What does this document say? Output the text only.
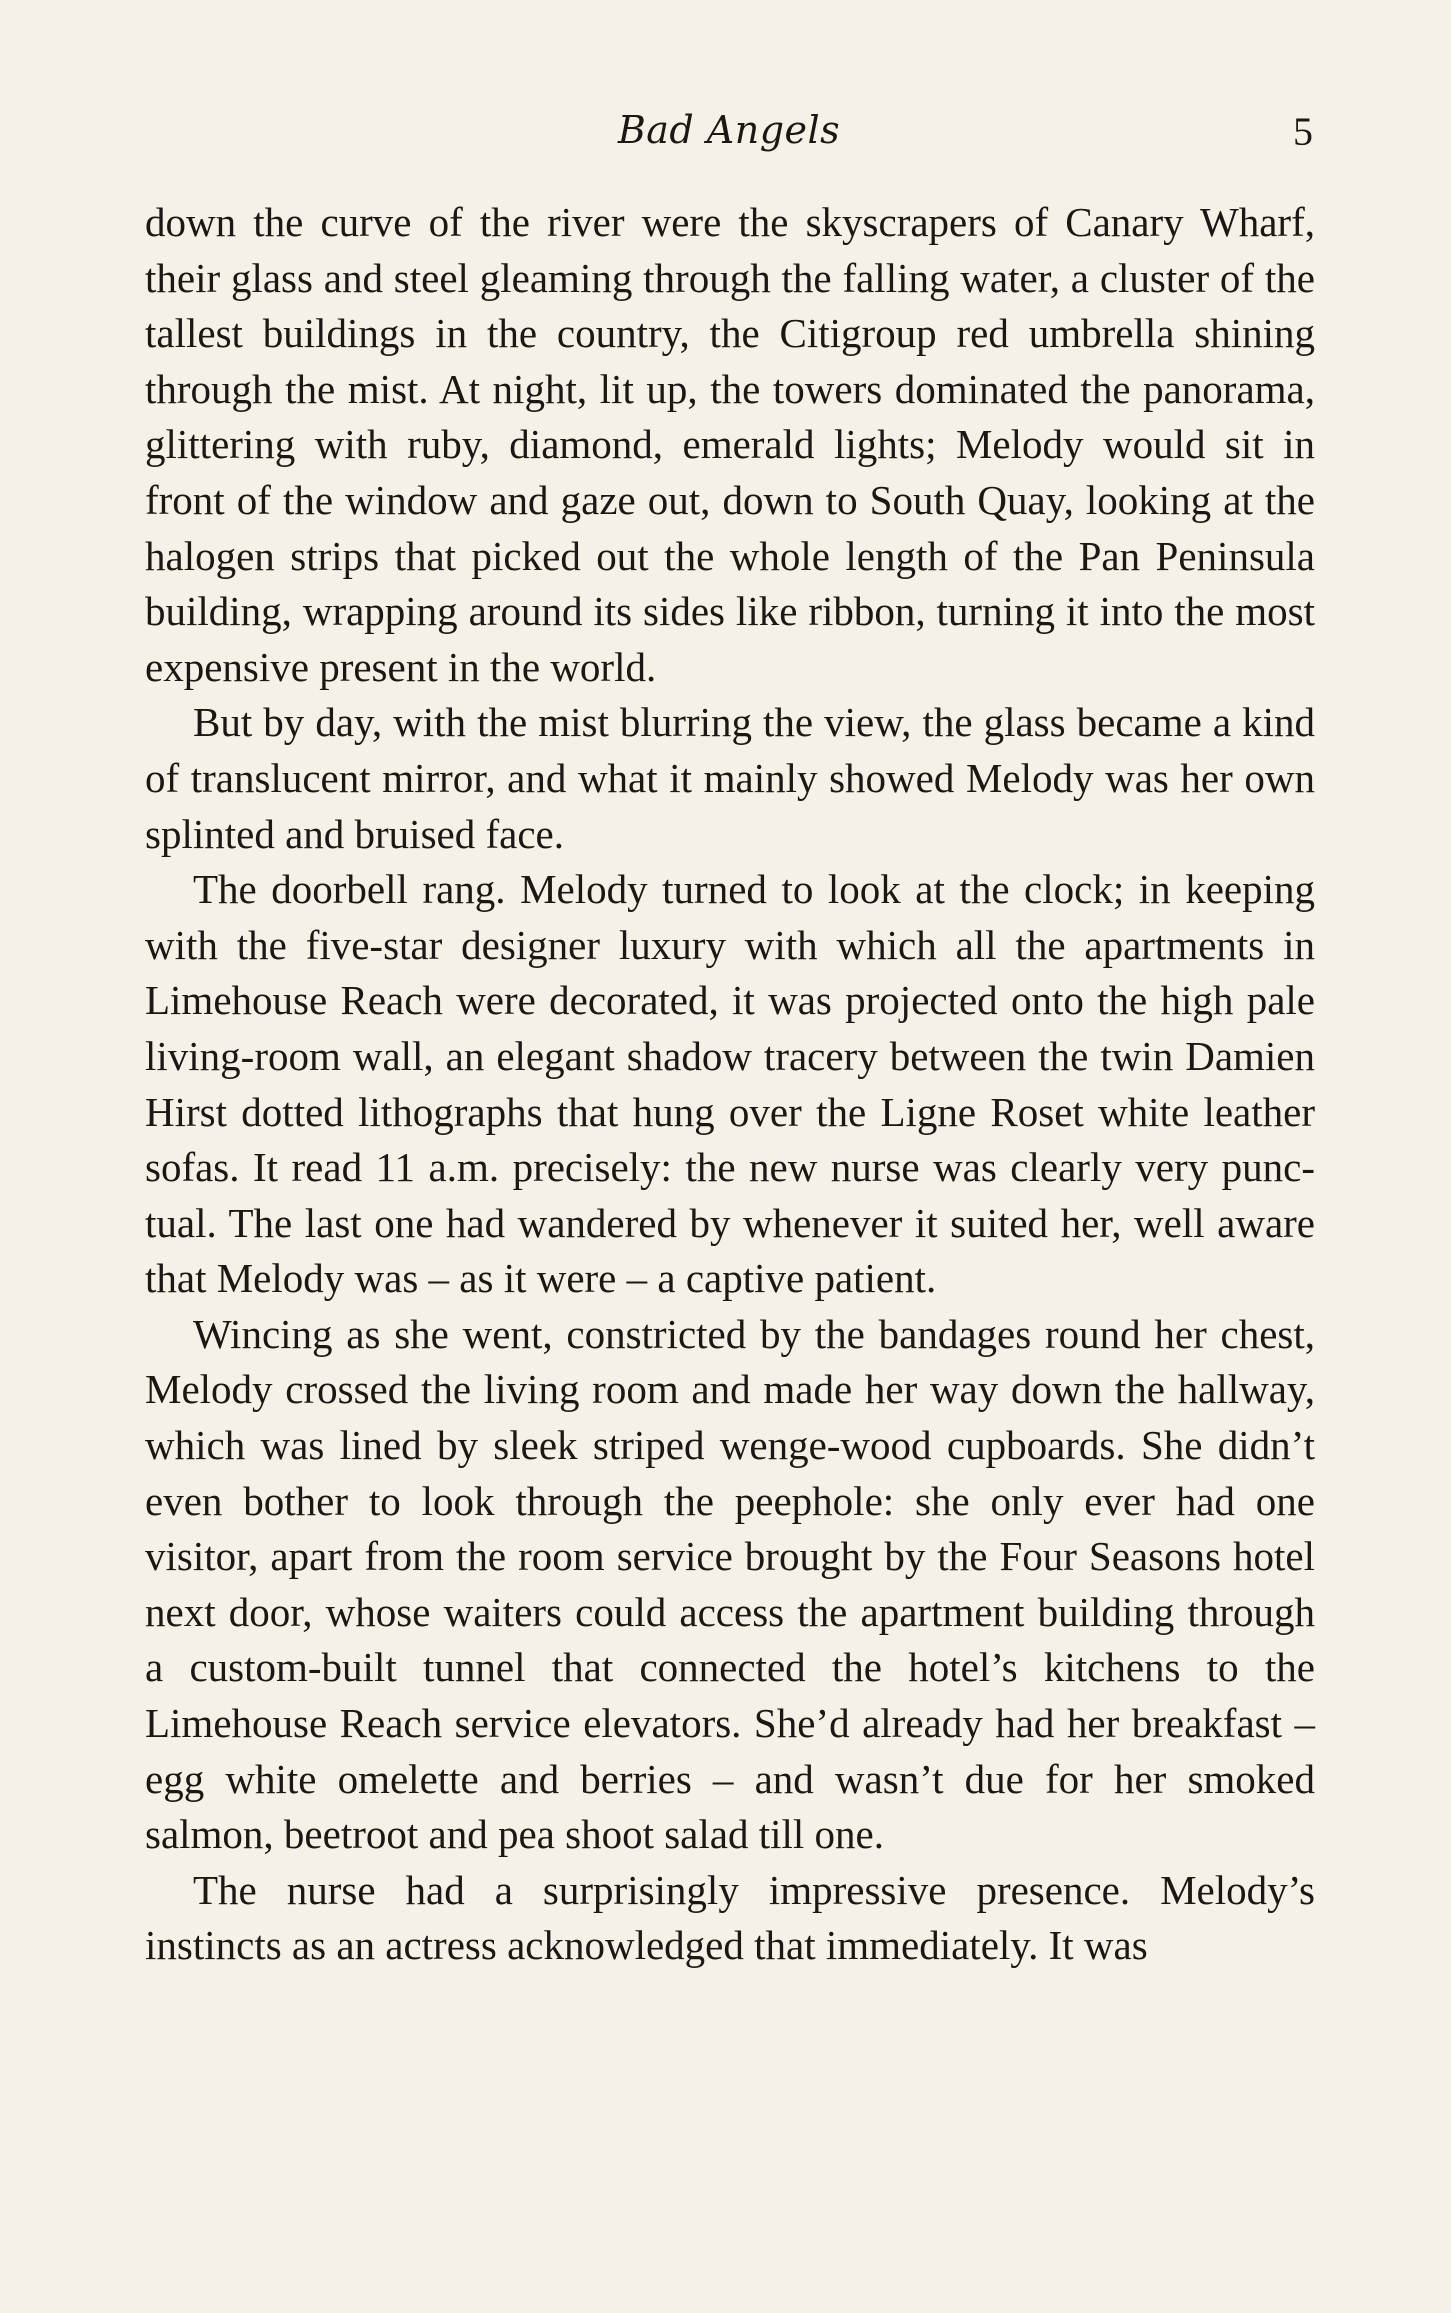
Bad Angels	5

down the curve of the river were the skyscrapers of Canary Wharf, their glass and steel gleaming through the falling water, a cluster of the tallest buildings in the country, the Citigroup red umbrella shining through the mist. At night, lit up, the towers dominated the panorama, glittering with ruby, diamond, emerald lights; Melody would sit in front of the window and gaze out, down to South Quay, looking at the halogen strips that picked out the whole length of the Pan Peninsula building, wrapping around its sides like ribbon, turning it into the most expensive present in the world.

But by day, with the mist blurring the view, the glass became a kind of translucent mirror, and what it mainly showed Melody was her own splinted and bruised face.

The doorbell rang. Melody turned to look at the clock; in keeping with the five-star designer luxury with which all the apartments in Limehouse Reach were decorated, it was projected onto the high pale living-room wall, an elegant shadow tracery between the twin Damien Hirst dotted lithographs that hung over the Ligne Roset white leather sofas. It read 11 a.m. precisely: the new nurse was clearly very punctual. The last one had wandered by whenever it suited her, well aware that Melody was – as it were – a captive patient.

Wincing as she went, constricted by the bandages round her chest, Melody crossed the living room and made her way down the hallway, which was lined by sleek striped wenge-wood cupboards. She didn’t even bother to look through the peephole: she only ever had one visitor, apart from the room service brought by the Four Seasons hotel next door, whose waiters could access the apartment building through a custom-built tunnel that connected the hotel’s kitchens to the Limehouse Reach service elevators. She’d already had her breakfast – egg white omelette and berries – and wasn’t due for her smoked salmon, beetroot and pea shoot salad till one.

The nurse had a surprisingly impressive presence. Melody’s instincts as an actress acknowledged that immediately. It was
